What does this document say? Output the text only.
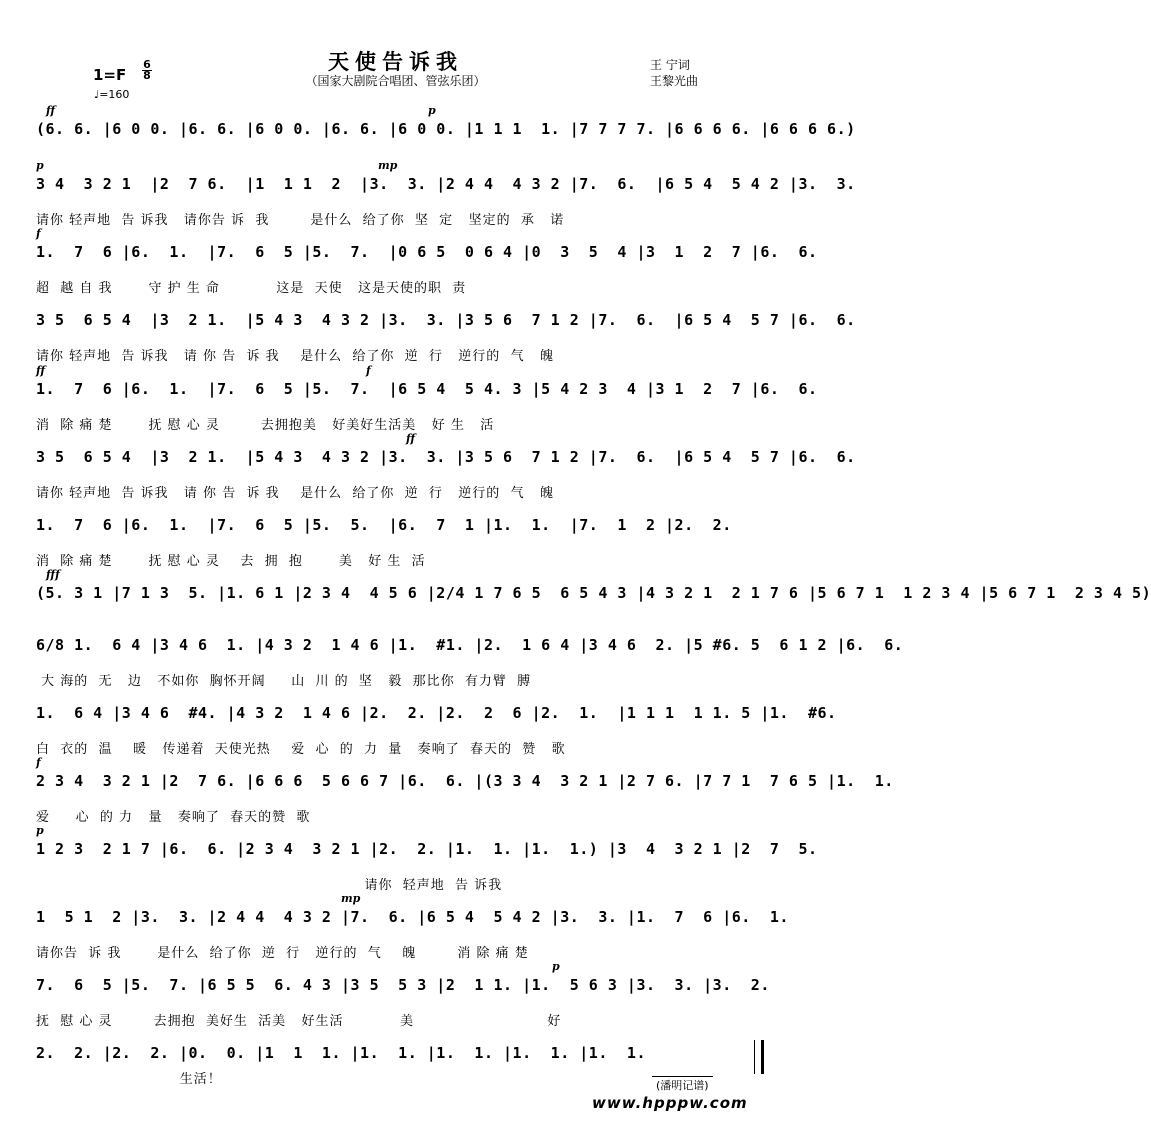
天使告诉我
（国家大剧院合唱团、管弦乐团）
1=F
6
8
♩=160
王 宁词
王黎光曲
ff	p
(6. 6. |6 0 0. |6. 6. |6 0 0. |6. 6. |6 0 0. |1 1 1  1. |7 7 7 7. |6 6 6 6. |6 6 6 6.)
p	mp
3 4  3 2 1  |2  7 6.  |1  1 1  2  |3.  3. |2 4 4  4 3 2 |7.  6.  |6 5 4  5 4 2 |3.  3.
请你 轻声地  告 诉我   请你告 诉  我        是什么  给了你  坚  定   坚定的  承   诺
f
1.  7  6 |6.  1.  |7.  6  5 |5.  7.  |0 6 5  0 6 4 |0  3  5  4 |3  1  2  7 |6.  6.
超  越 自 我       守 护 生 命           这是  天使   这是天使的职  责
3 5  6 5 4  |3  2 1.  |5 4 3  4 3 2 |3.  3. |3 5 6  7 1 2 |7.  6.  |6 5 4  5 7 |6.  6.
请你 轻声地  告 诉我   请 你 告  诉 我    是什么  给了你  逆  行   逆行的  气   魄
ff	f
1.  7  6 |6.  1.  |7.  6  5 |5.  7.  |6 5 4  5 4. 3 |5 4 2 3  4 |3 1  2  7 |6.  6.
消  除 痛 楚       抚 慰 心 灵        去拥抱美   好美好生活美   好 生   活
ff
3 5  6 5 4  |3  2 1.  |5 4 3  4 3 2 |3.  3. |3 5 6  7 1 2 |7.  6.  |6 5 4  5 7 |6.  6.
请你 轻声地  告 诉我   请 你 告  诉 我    是什么  给了你  逆  行   逆行的  气   魄
1.  7  6 |6.  1.  |7.  6  5 |5.  5.  |6.  7  1 |1.  1.  |7.  1  2 |2.  2.
消  除 痛 楚       抚 慰 心 灵    去  拥  抱       美   好 生  活
fff
(5. 3 1 |7 1 3  5. |1. 6 1 |2 3 4  4 5 6 |2/4 1 7 6 5  6 5 4 3 |4 3 2 1  2 1 7 6 |5 6 7 1  1 2 3 4 |5 6 7 1  2 3 4 5)
6/8 1.  6 4 |3 4 6  1. |4 3 2  1 4 6 |1.  #1. |2.  1 6 4 |3 4 6  2. |5 #6. 5  6 1 2 |6.  6.
大 海的  无   边   不如你  胸怀开阔     山  川 的  坚   毅  那比你  有力臂  膊
1.  6 4 |3 4 6  #4. |4 3 2  1 4 6 |2.  2. |2.  2  6 |2.  1.  |1 1 1  1 1. 5 |1.  #6.
白  衣的  温    暖   传递着  天使光热    爱  心  的  力  量   奏响了  春天的  赞   歌
f
2 3 4  3 2 1 |2  7 6. |6 6 6  5 6 6 7 |6.  6. |(3 3 4  3 2 1 |2 7 6. |7 7 1  7 6 5 |1.  1.
爱     心  的 力   量   奏响了  春天的赞  歌
p
1 2 3  2 1 7 |6.  6. |2 3 4  3 2 1 |2.  2. |1.  1. |1.  1.) |3  4  3 2 1 |2  7  5.
请你  轻声地  告 诉我
mp
1  5 1  2 |3.  3. |2 4 4  4 3 2 |7.  6. |6 5 4  5 4 2 |3.  3. |1.  7  6 |6.  1.
请你告  诉 我       是什么  给了你  逆  行   逆行的  气    魄        消 除 痛 楚
p
7.  6  5 |5.  7. |6 5 5  6. 4 3 |3 5  5 3 |2  1 1. |1.  5 6 3 |3.  3. |3.  2.
抚  慰 心 灵        去拥抱  美好生  活美   好生活           美                          好
2.  2. |2.  2. |0.  0. |1  1  1. |1.  1. |1.  1. |1.  1. |1.  1.
生活！	(潘明记谱)
www.hpppw.com
